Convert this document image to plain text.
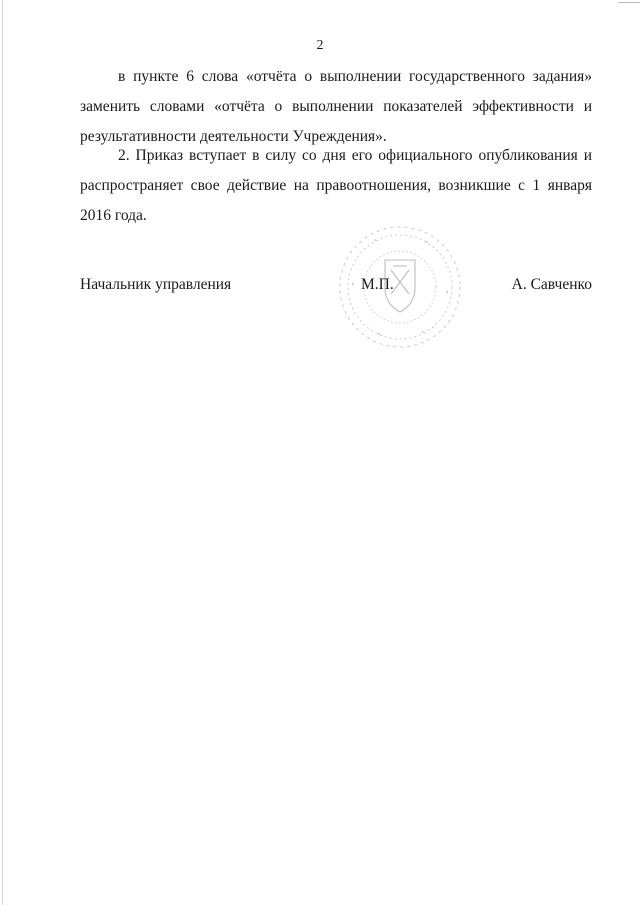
2

в пункте 6 слова «отчёта о выполнении государственного задания» заменить словами «отчёта о выполнении показателей эффективности и результативности деятельности Учреждения».

2. Приказ вступает в силу со дня его официального опубликования и распространяет свое действие на правоотношения, возникшие с 1 января 2016 года.

Начальник управления	М.П.	А. Савченко
